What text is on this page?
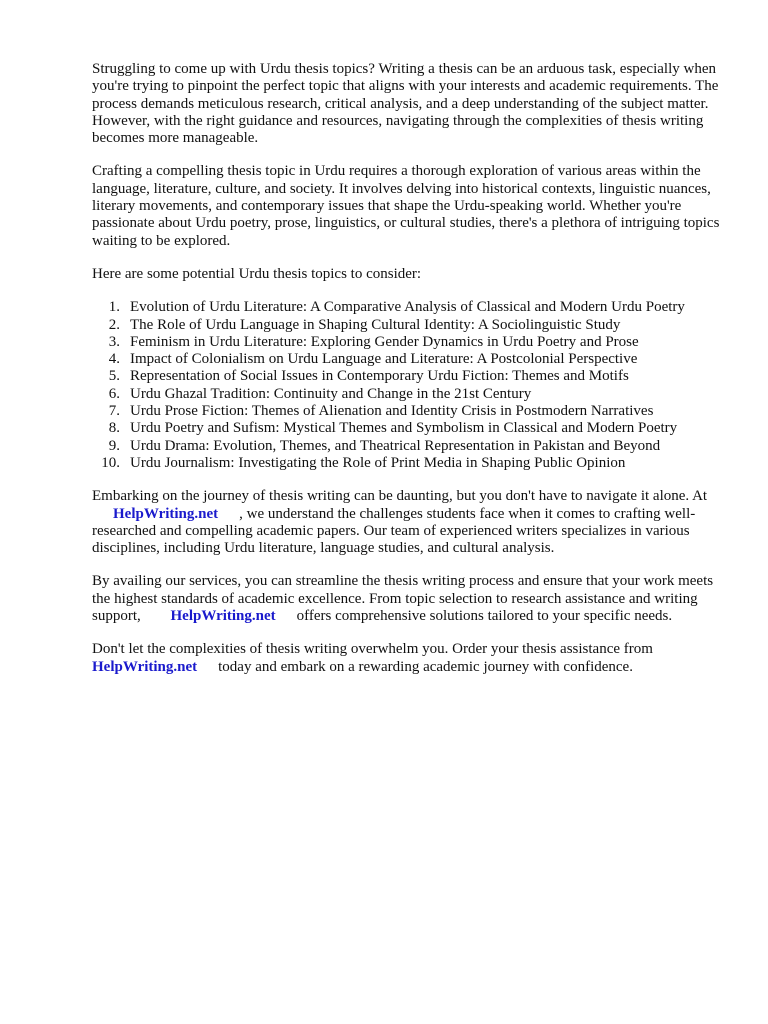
Struggling to come up with Urdu thesis topics? Writing a thesis can be an arduous task, especially when you're trying to pinpoint the perfect topic that aligns with your interests and academic requirements. The process demands meticulous research, critical analysis, and a deep understanding of the subject matter. However, with the right guidance and resources, navigating through the complexities of thesis writing becomes more manageable.

Crafting a compelling thesis topic in Urdu requires a thorough exploration of various areas within the language, literature, culture, and society. It involves delving into historical contexts, linguistic nuances, literary movements, and contemporary issues that shape the Urdu-speaking world. Whether you're passionate about Urdu poetry, prose, linguistics, or cultural studies, there's a plethora of intriguing topics waiting to be explored.

Here are some potential Urdu thesis topics to consider:

1. Evolution of Urdu Literature: A Comparative Analysis of Classical and Modern Urdu Poetry
2. The Role of Urdu Language in Shaping Cultural Identity: A Sociolinguistic Study
3. Feminism in Urdu Literature: Exploring Gender Dynamics in Urdu Poetry and Prose
4. Impact of Colonialism on Urdu Language and Literature: A Postcolonial Perspective
5. Representation of Social Issues in Contemporary Urdu Fiction: Themes and Motifs
6. Urdu Ghazal Tradition: Continuity and Change in the 21st Century
7. Urdu Prose Fiction: Themes of Alienation and Identity Crisis in Postmodern Narratives
8. Urdu Poetry and Sufism: Mystical Themes and Symbolism in Classical and Modern Poetry
9. Urdu Drama: Evolution, Themes, and Theatrical Representation in Pakistan and Beyond
10. Urdu Journalism: Investigating the Role of Print Media in Shaping Public Opinion

Embarking on the journey of thesis writing can be daunting, but you don't have to navigate it alone. At HelpWriting.net , we understand the challenges students face when it comes to crafting well-researched and compelling academic papers. Our team of experienced writers specializes in various disciplines, including Urdu literature, language studies, and cultural analysis.

By availing our services, you can streamline the thesis writing process and ensure that your work meets the highest standards of academic excellence. From topic selection to research assistance and writing support, HelpWriting.net offers comprehensive solutions tailored to your specific needs.

Don't let the complexities of thesis writing overwhelm you. Order your thesis assistance from HelpWriting.net today and embark on a rewarding academic journey with confidence.
